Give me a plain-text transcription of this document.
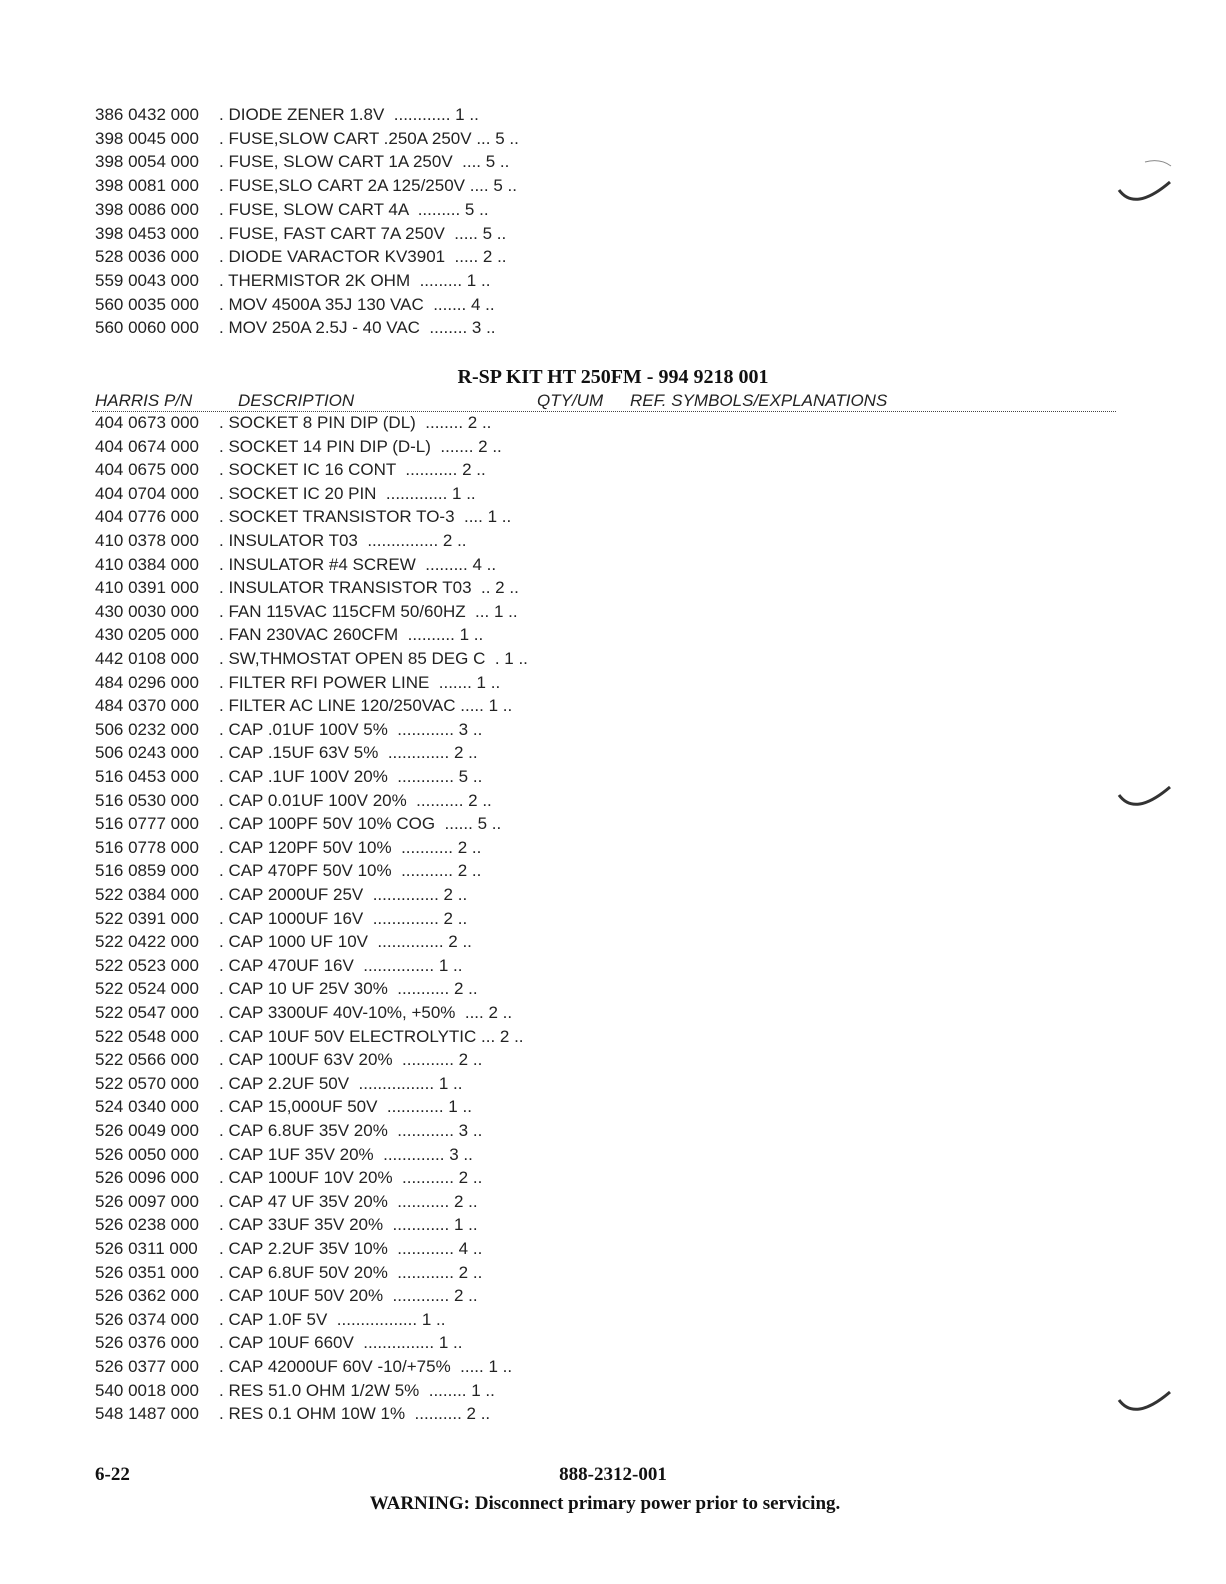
386 0432 000	. DIODE ZENER 1.8V  ............ 1 ..
398 0045 000	. FUSE,SLOW CART .250A 250V ... 5 ..
398 0054 000	. FUSE, SLOW CART 1A 250V  .... 5 ..
398 0081 000	. FUSE,SLO CART 2A 125/250V .... 5 ..
398 0086 000	. FUSE, SLOW CART 4A  ......... 5 ..
398 0453 000	. FUSE, FAST CART 7A 250V  ..... 5 ..
528 0036 000	. DIODE VARACTOR KV3901  ..... 2 ..
559 0043 000	. THERMISTOR 2K OHM  ......... 1 ..
560 0035 000	. MOV 4500A 35J 130 VAC  ....... 4 ..
560 0060 000	. MOV 250A 2.5J - 40 VAC  ........ 3 ..
R-SP KIT HT 250FM - 994 9218 001
HARRIS P/N	DESCRIPTION	QTY/UM REF. SYMBOLS/EXPLANATIONS
404 0673 000	. SOCKET 8 PIN DIP (DL)  ........ 2 ..
404 0674 000	. SOCKET 14 PIN DIP (D-L)  ....... 2 ..
404 0675 000	. SOCKET IC 16 CONT  ........... 2 ..
404 0704 000	. SOCKET IC 20 PIN  ............. 1 ..
404 0776 000	. SOCKET TRANSISTOR TO-3  .... 1 ..
410 0378 000	. INSULATOR T03  ............... 2 ..
410 0384 000	. INSULATOR #4 SCREW  ......... 4 ..
410 0391 000	. INSULATOR TRANSISTOR T03  .. 2 ..
430 0030 000	. FAN 115VAC 115CFM 50/60HZ  ... 1 ..
430 0205 000	. FAN 230VAC 260CFM  .......... 1 ..
442 0108 000	. SW,THMOSTAT OPEN 85 DEG C  . 1 ..
484 0296 000	. FILTER RFI POWER LINE  ....... 1 ..
484 0370 000	. FILTER AC LINE 120/250VAC ..... 1 ..
506 0232 000	. CAP .01UF 100V 5%  ............ 3 ..
506 0243 000	. CAP .15UF 63V 5%  ............. 2 ..
516 0453 000	. CAP .1UF 100V 20%  ............ 5 ..
516 0530 000	. CAP 0.01UF 100V 20%  .......... 2 ..
516 0777 000	. CAP 100PF 50V 10% COG  ...... 5 ..
516 0778 000	. CAP 120PF 50V 10%  ........... 2 ..
516 0859 000	. CAP 470PF 50V 10%  ........... 2 ..
522 0384 000	. CAP 2000UF 25V  .............. 2 ..
522 0391 000	. CAP 1000UF 16V  .............. 2 ..
522 0422 000	. CAP 1000 UF 10V  .............. 2 ..
522 0523 000	. CAP 470UF 16V  ............... 1 ..
522 0524 000	. CAP 10 UF 25V 30%  ........... 2 ..
522 0547 000	. CAP 3300UF 40V-10%, +50%  .... 2 ..
522 0548 000	. CAP 10UF 50V ELECTROLYTIC ... 2 ..
522 0566 000	. CAP 100UF 63V 20%  ........... 2 ..
522 0570 000	. CAP 2.2UF 50V  ................ 1 ..
524 0340 000	. CAP 15,000UF 50V  ............ 1 ..
526 0049 000	. CAP 6.8UF 35V 20%  ............ 3 ..
526 0050 000	. CAP 1UF 35V 20%  ............. 3 ..
526 0096 000	. CAP 100UF 10V 20%  ........... 2 ..
526 0097 000	. CAP 47 UF 35V 20%  ........... 2 ..
526 0238 000	. CAP 33UF 35V 20%  ............ 1 ..
526 0311 000	. CAP 2.2UF 35V 10%  ............ 4 ..
526 0351 000	. CAP 6.8UF 50V 20%  ............ 2 ..
526 0362 000	. CAP 10UF 50V 20%  ............ 2 ..
526 0374 000	. CAP 1.0F 5V  ................. 1 ..
526 0376 000	. CAP 10UF 660V  ............... 1 ..
526 0377 000	. CAP 42000UF 60V -10/+75%  ..... 1 ..
540 0018 000	. RES 51.0 OHM 1/2W 5%  ........ 1 ..
548 1487 000	. RES 0.1 OHM 10W 1%  .......... 2 ..
6-22	888-2312-001
WARNING: Disconnect primary power prior to servicing.
